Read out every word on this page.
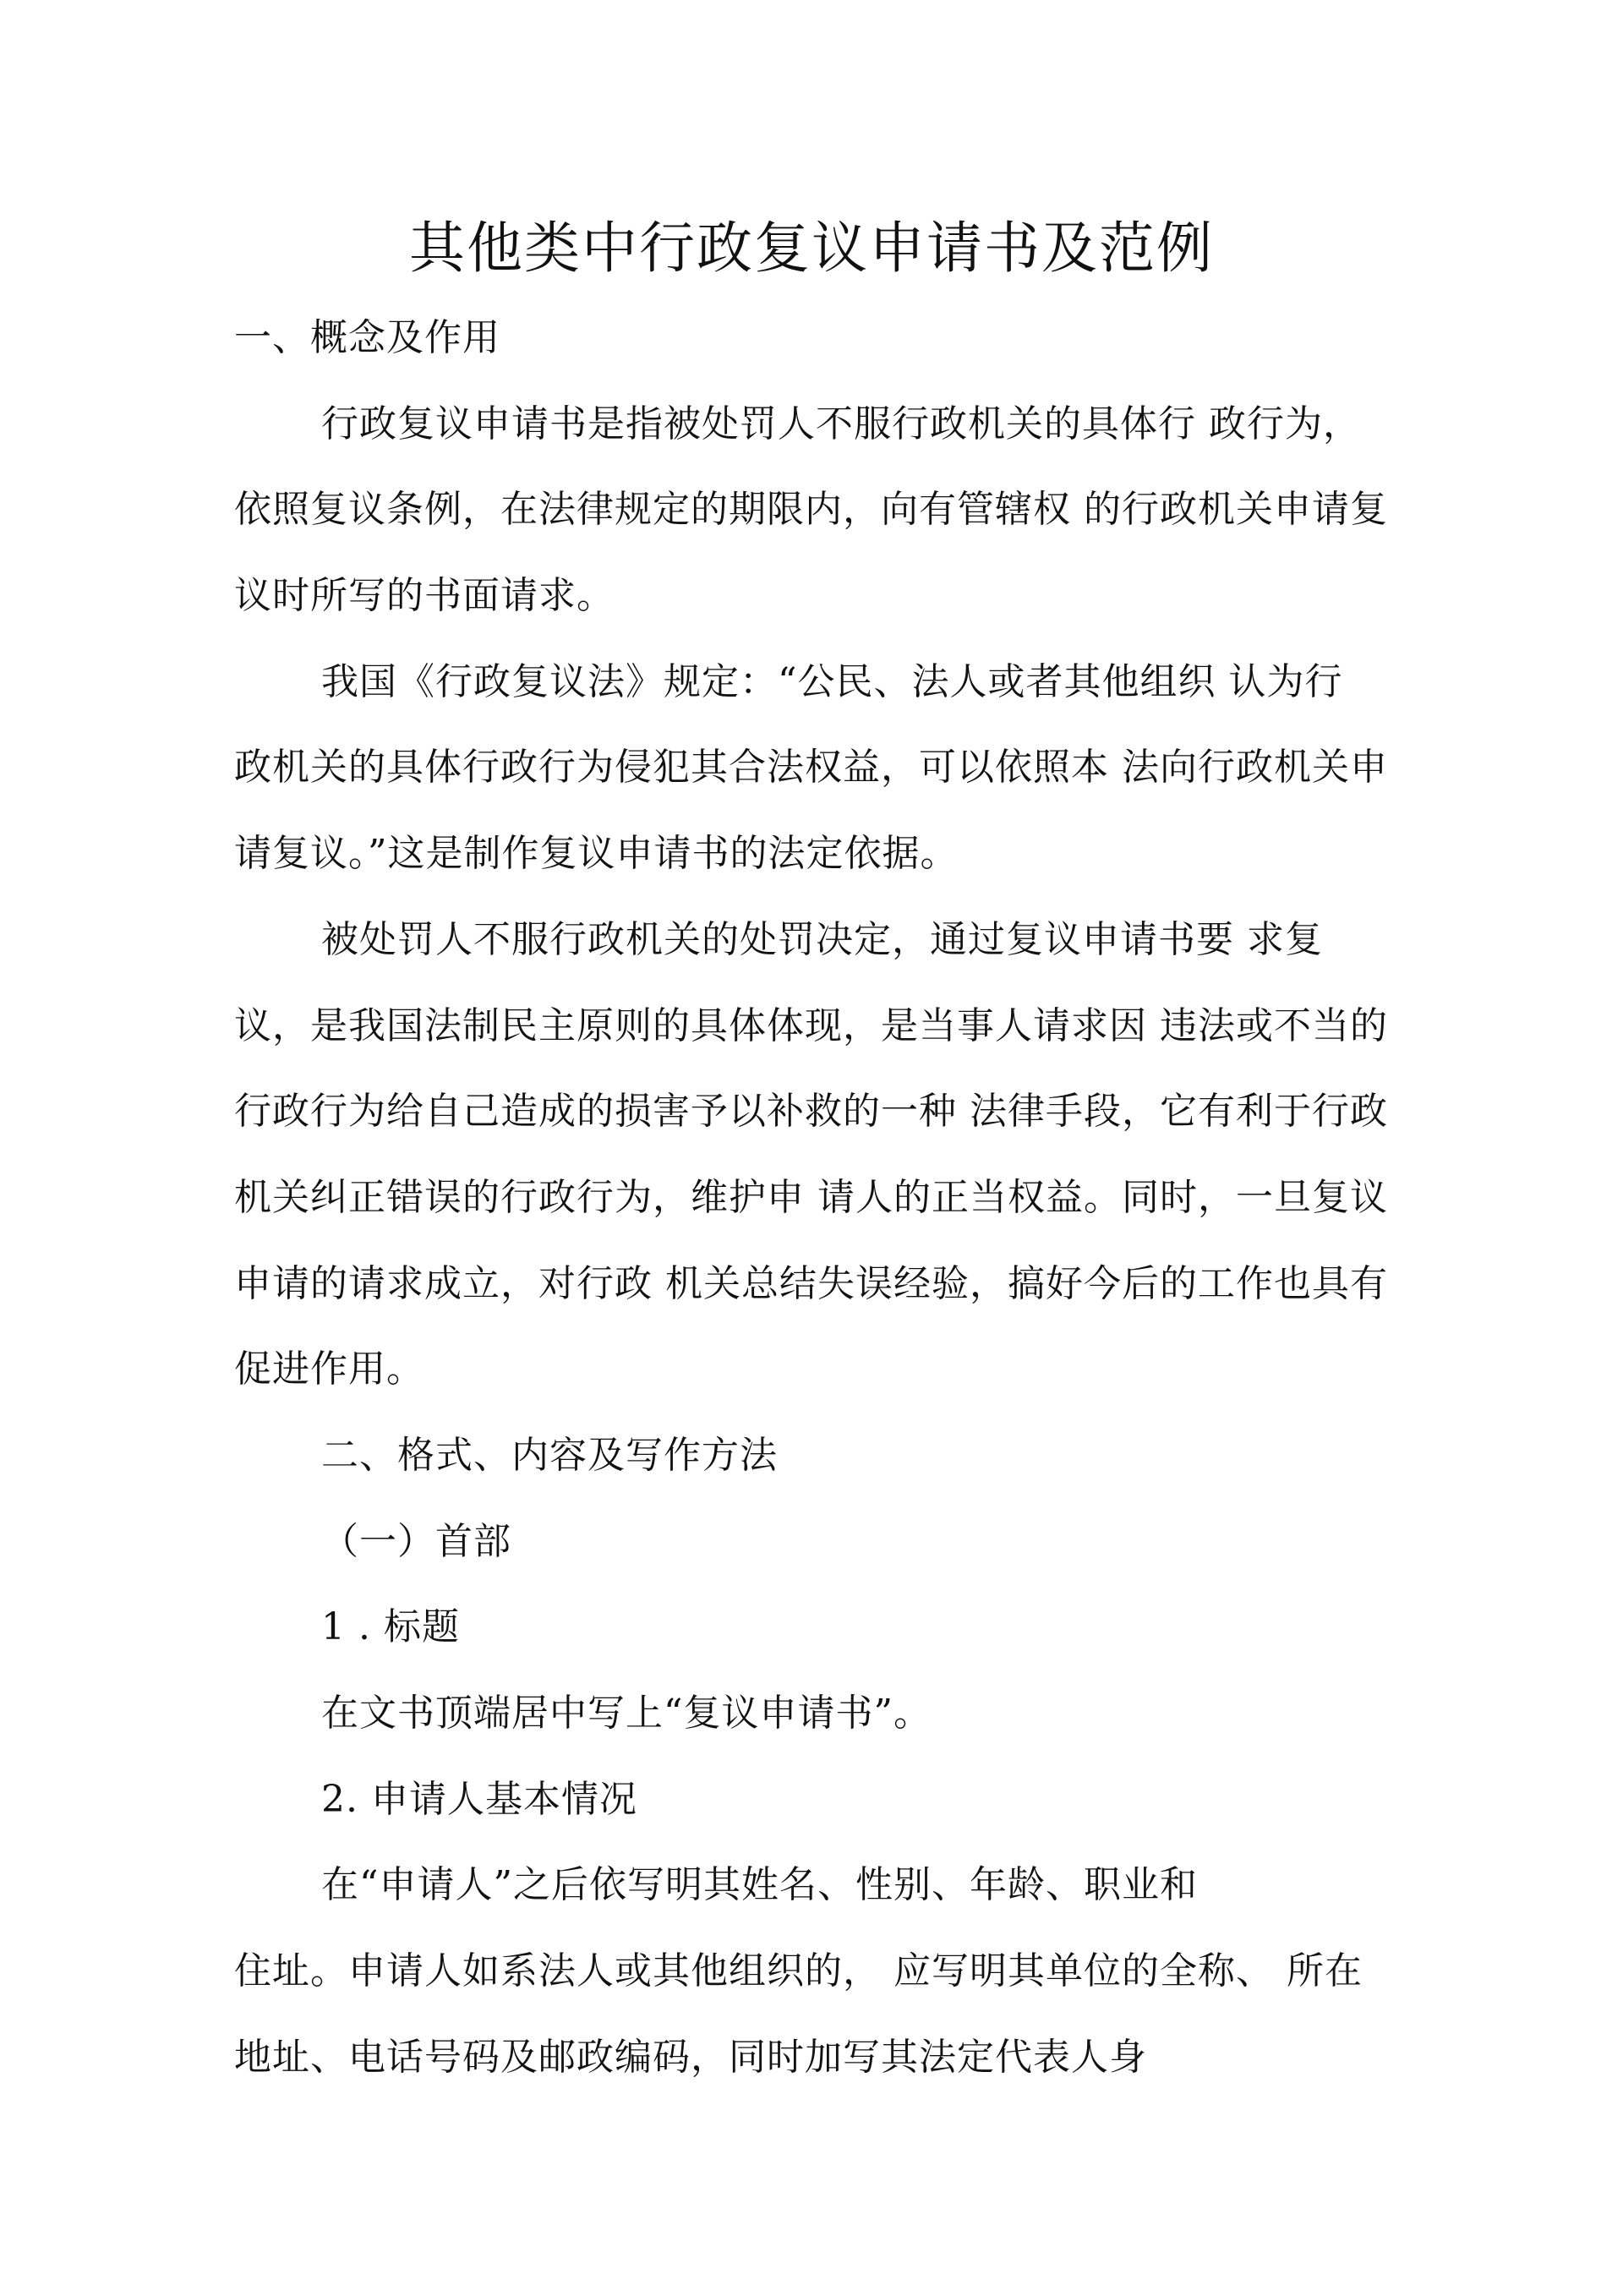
其他类中行政复议申请书及范例
一、概念及作用
行政复议申请书是指被处罚人不服行政机关的具体行 政行为，
依照复议条例，在法律规定的期限内，向有管辖权 的行政机关申请复
议时所写的书面请求。
我国《行政复议法》规定：“公民、法人或者其他组织 认为行
政机关的具体行政行为侵犯其合法权益，可以依照本 法向行政机关申
请复议。”这是制作复议申请书的法定依据。
被处罚人不服行政机关的处罚决定，通过复议申请书要 求复
议，是我国法制民主原则的具体体现，是当事人请求因 违法或不当的
行政行为给自己造成的损害予以补救的一种 法律手段，它有利于行政
机关纠正错误的行政行为，维护申 请人的正当权益。同时，一旦复议
申请的请求成立，对行政 机关总结失误经验，搞好今后的工作也具有
促进作用。
二、格式、内容及写作方法
（一）首部
1 . 标题
在文书顶端居中写上“复议申请书”。
2. 申请人基本情况
在“申请人”之后依写明其姓名、性别、年龄、职业和
住址。申请人如系法人或其他组织的， 应写明其单位的全称、 所在
地址、电话号码及邮政编码，同时加写其法定代表人身
